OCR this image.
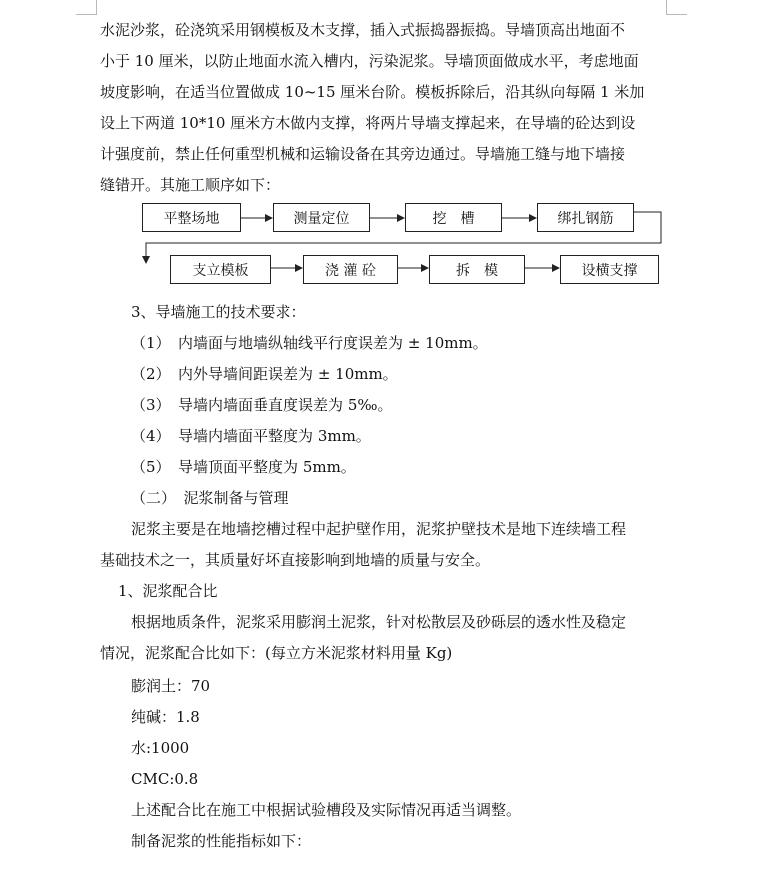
水泥沙浆，砼浇筑采用钢模板及木支撑，插入式振捣器振捣。导墙顶高出地面不
小于 10 厘米，以防止地面水流入槽内，污染泥浆。导墙顶面做成水平，考虑地面
坡度影响，在适当位置做成 10~15 厘米台阶。模板拆除后，沿其纵向每隔 1 米加
设上下两道 10*10 厘米方木做内支撑，将两片导墙支撑起来，在导墙的砼达到设
计强度前，禁止任何重型机械和运输设备在其旁边通过。导墙施工缝与地下墙接
缝错开。其施工顺序如下：
平整场地	测量定位	挖　槽	绑扎钢筋
支立模板	浇 灌 砼	拆　模	设横支撑
3、导墙施工的技术要求：
（1）　内墙面与地墙纵轴线平行度误差为 ± 10mm。
（2）　内外导墙间距误差为 ± 10mm。
（3）　导墙内墙面垂直度误差为 5‰。
（4）　导墙内墙面平整度为 3mm。
（5）　导墙顶面平整度为 5mm。
（二）　泥浆制备与管理
泥浆主要是在地墙挖槽过程中起护壁作用，泥浆护壁技术是地下连续墙工程
基础技术之一，其质量好坏直接影响到地墙的质量与安全。
1、泥浆配合比
根据地质条件，泥浆采用膨润土泥浆，针对松散层及砂砾层的透水性及稳定
情况，泥浆配合比如下：(每立方米泥浆材料用量 Kg)
膨润土：70
纯碱：1.8
水:1000
CMC:0.8
上述配合比在施工中根据试验槽段及实际情况再适当调整。
制备泥浆的性能指标如下：
